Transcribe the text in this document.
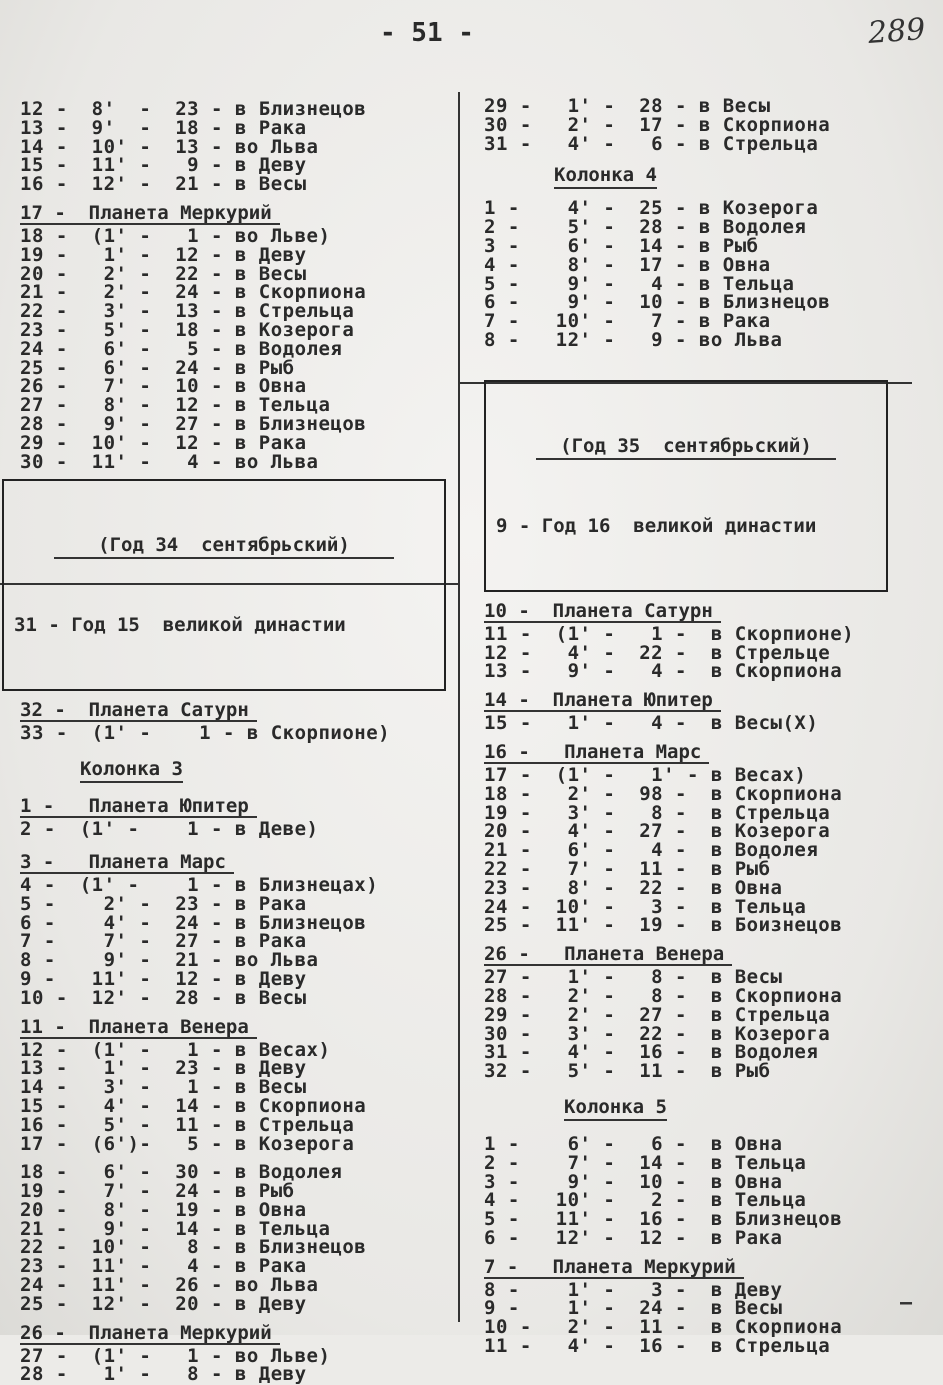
- 51 -	289
12 -  8'  -  23 - в Близнецов
13 -  9'  -  18 - в Рака
14 -  10' -  13 - во Льва
15 -  11' -   9 - в Деву
16 -  12' -  21 - в Весы
17 -  Планета Меркурий
18 -  (1' -   1 - во Льве)
19 -   1' -  12 - в Деву
20 -   2' -  22 - в Весы
21 -   2' -  24 - в Скорпиона
22 -   3' -  13 - в Стрельца
23 -   5' -  18 - в Козерога
24 -   6' -   5 - в Водолея
25 -   6' -  24 - в Рыб
26 -   7' -  10 - в Овна
27 -   8' -  12 - в Тельца
28 -   9' -  27 - в Близнецов
29 -  10' -  12 - в Рака
30 -  11' -   4 - во Льва

(Год 34  сентябрьский)

31 - Год 15  великой династии

32 -  Планета Сатурн
33 -  (1' -    1 - в Скорпионе)
Колонка 3
1 -   Планета Юпитер
2 -  (1' -    1 - в Деве)
3 -   Планета Марс
4 -  (1' -    1 - в Близнецах)
5 -    2' -  23 - в Рака
6 -    4' -  24 - в Близнецов
7 -    7' -  27 - в Рака
8 -    9' -  21 - во Льва
9 -   11' -  12 - в Деву
10 -  12' -  28 - в Весы
11 -  Планета Венера
12 -  (1' -   1 - в Весах)
13 -   1' -  23 - в Деву
14 -   3' -   1 - в Весы
15 -   4' -  14 - в Скорпиона
16 -   5' -  11 - в Стрельца
17 -  (6')-   5 - в Козерога
18 -   6' -  30 - в Водолея
19 -   7' -  24 - в Рыб
20 -   8' -  19 - в Овна
21 -   9' -  14 - в Тельца
22 -  10' -   8 - в Близнецов
23 -  11' -   4 - в Рака
24 -  11' -  26 - во Льва
25 -  12' -  20 - в Деву
26 -  Планета Меркурий
27 -  (1' -   1 - во Льве)
28 -   1' -   8 - в Деву
29 -   1' -  28 - в Весы
30 -   2' -  17 - в Скорпиона
31 -   4' -   6 - в Стрельца
Колонка 4
1 -    4' -  25 - в Козерога
2 -    5' -  28 - в Водолея
3 -    6' -  14 - в Рыб
4 -    8' -  17 - в Овна
5 -    9' -   4 - в Тельца
6 -    9' -  10 - в Близнецов
7 -   10' -   7 - в Рака
8 -   12' -   9 - во Льва

(Год 35  сентябрьский)

9 - Год 16  великой династии

10 -  Планета Сатурн
11 -  (1' -   1 -  в Скорпионе)
12 -   4' -  22 -  в Стрельце
13 -   9' -   4 -  в Скорпиона
14 -  Планета Юпитер
15 -   1' -   4 -  в Весы(X)
16 -   Планета Марс
17 -  (1' -   1' - в Весах)
18 -   2' -  98 -  в Скорпиона
19 -   3' -   8 -  в Стрельца
20 -   4' -  27 -  в Козерога
21 -   6' -   4 -  в Водолея
22 -   7' -  11 -  в Рыб
23 -   8' -  22 -  в Овна
24 -  10' -   3 -  в Тельца
25 -  11' -  19 -  в Боизнецов
26 -   Планета Венера
27 -   1' -   8 -  в Весы
28 -   2' -   8 -  в Скорпиона
29 -   2' -  27 -  в Стрельца
30 -   3' -  22 -  в Козерога
31 -   4' -  16 -  в Водолея
32 -   5' -  11 -  в Рыб
Колонка 5
1 -    6' -   6 -  в Овна
2 -    7' -  14 -  в Тельца
3 -    9' -  10 -  в Овна
4 -   10' -   2 -  в Тельца
5 -   11' -  16 -  в Близнецов
6 -   12' -  12 -  в Рака
7 -   Планета Меркурий
8 -    1' -   3 -  в Деву
9 -    1' -  24 -  в Весы
10 -   2' -  11 -  в Скорпиона
11 -   4' -  16 -  в Стрельца
—
